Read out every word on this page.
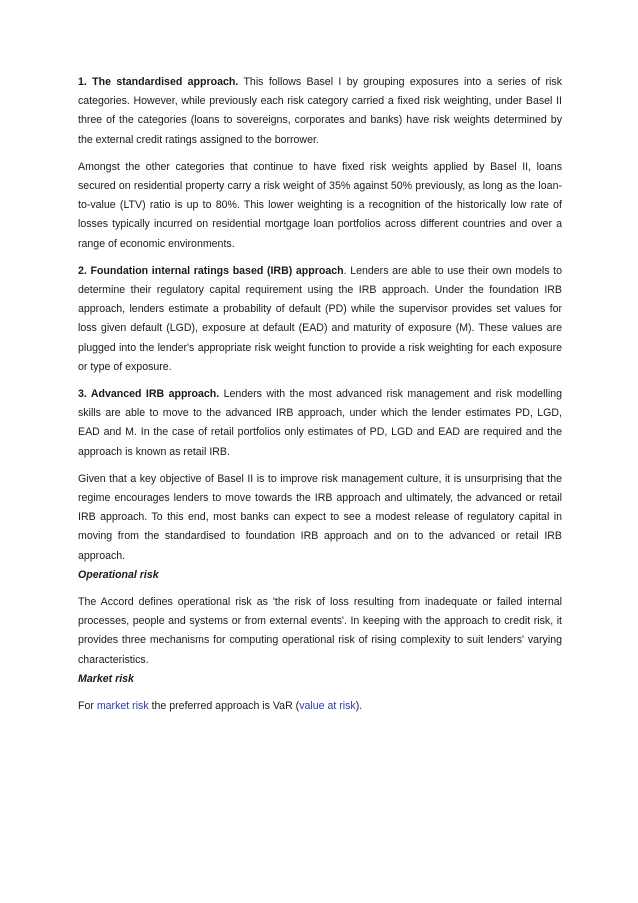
1. The standardised approach. This follows Basel I by grouping exposures into a series of risk categories. However, while previously each risk category carried a fixed risk weighting, under Basel II three of the categories (loans to sovereigns, corporates and banks) have risk weights determined by the external credit ratings assigned to the borrower.

Amongst the other categories that continue to have fixed risk weights applied by Basel II, loans secured on residential property carry a risk weight of 35% against 50% previously, as long as the loan-to-value (LTV) ratio is up to 80%. This lower weighting is a recognition of the historically low rate of losses typically incurred on residential mortgage loan portfolios across different countries and over a range of economic environments.

2. Foundation internal ratings based (IRB) approach. Lenders are able to use their own models to determine their regulatory capital requirement using the IRB approach. Under the foundation IRB approach, lenders estimate a probability of default (PD) while the supervisor provides set values for loss given default (LGD), exposure at default (EAD) and maturity of exposure (M). These values are plugged into the lender's appropriate risk weight function to provide a risk weighting for each exposure or type of exposure.

3. Advanced IRB approach. Lenders with the most advanced risk management and risk modelling skills are able to move to the advanced IRB approach, under which the lender estimates PD, LGD, EAD and M. In the case of retail portfolios only estimates of PD, LGD and EAD are required and the approach is known as retail IRB.

Given that a key objective of Basel II is to improve risk management culture, it is unsurprising that the regime encourages lenders to move towards the IRB approach and ultimately, the advanced or retail IRB approach. To this end, most banks can expect to see a modest release of regulatory capital in moving from the standardised to foundation IRB approach and on to the advanced or retail IRB approach.

Operational risk

The Accord defines operational risk as 'the risk of loss resulting from inadequate or failed internal processes, people and systems or from external events'. In keeping with the approach to credit risk, it provides three mechanisms for computing operational risk of rising complexity to suit lenders' varying characteristics.

Market risk

For market risk the preferred approach is VaR (value at risk).
